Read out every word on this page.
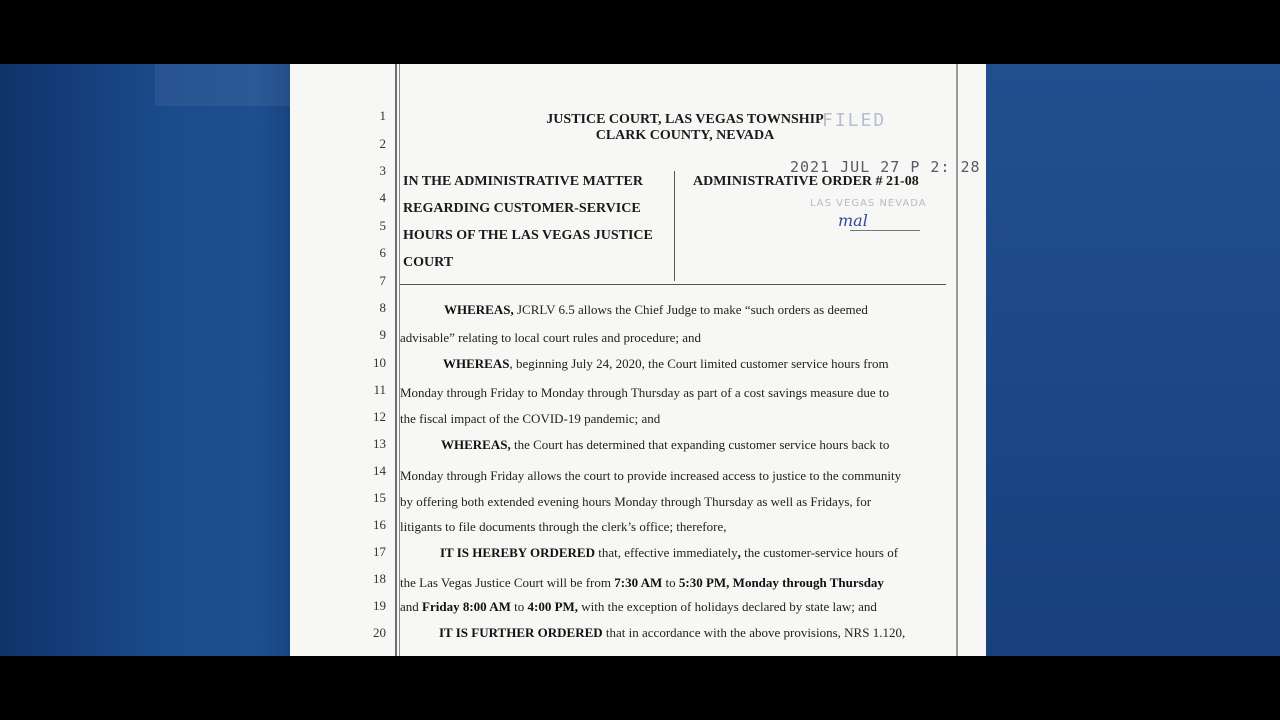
1
2
3
4
5
6
7
8
9
10
11
12
13
14
15
16
17
18
19
20
JUSTICE COURT, LAS VEGAS TOWNSHIP
CLARK COUNTY, NEVADA
FILED
2021 JUL 27 P 2: 28
LAS VEGAS NEVADA
mal
IN THE ADMINISTRATIVE MATTER
REGARDING CUSTOMER-SERVICE
HOURS OF THE LAS VEGAS JUSTICE
COURT
ADMINISTRATIVE ORDER # 21-08
WHEREAS, JCRLV 6.5 allows the Chief Judge to make “such orders as deemed
advisable” relating to local court rules and procedure; and
WHEREAS, beginning July 24, 2020, the Court limited customer service hours from
Monday through Friday to Monday through Thursday as part of a cost savings measure due to
the fiscal impact of the COVID-19 pandemic; and
WHEREAS, the Court has determined that expanding customer service hours back to
Monday through Friday allows the court to provide increased access to justice to the community
by offering both extended evening hours Monday through Thursday as well as Fridays, for
litigants to file documents through the clerk’s office; therefore,
IT IS HEREBY ORDERED that, effective immediately, the customer-service hours of
the Las Vegas Justice Court will be from 7:30 AM to 5:30 PM, Monday through Thursday
and Friday 8:00 AM to 4:00 PM, with the exception of holidays declared by state law; and
IT IS FURTHER ORDERED that in accordance with the above provisions, NRS 1.120,
